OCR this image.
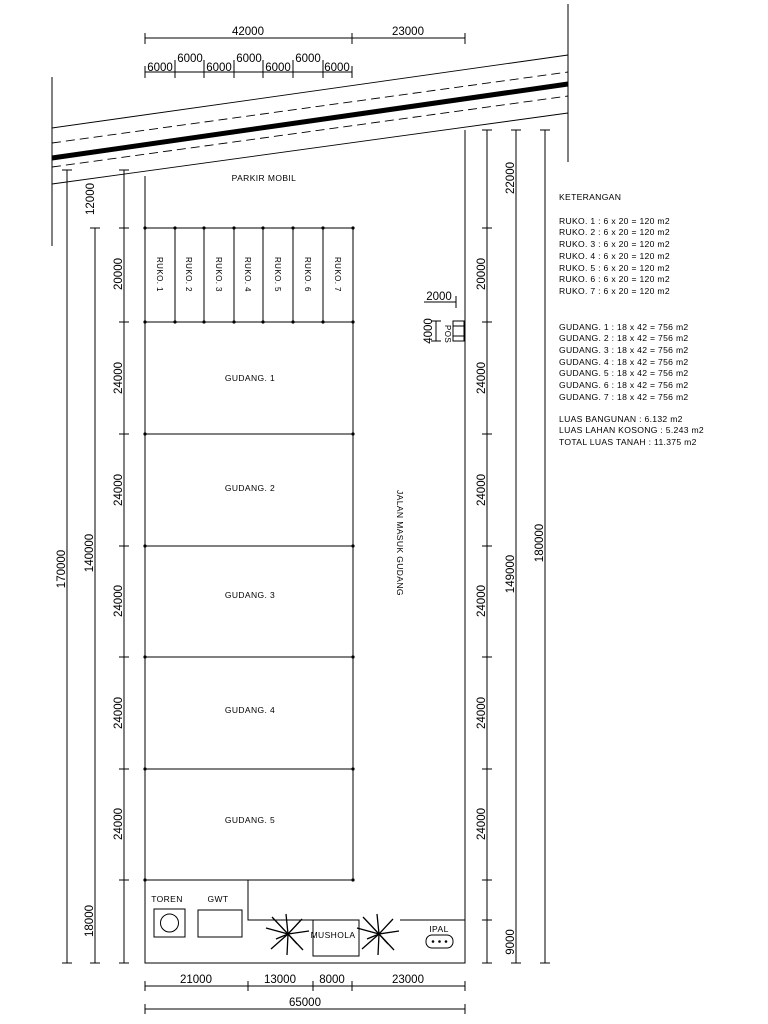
RUKO. 1	RUKO. 2	RUKO. 3	RUKO. 4	RUKO. 5	RUKO. 6	RUKO. 7
GUDANG. 1
GUDANG. 2
GUDANG. 3
GUDANG. 4
GUDANG. 5
PARKIR MOBIL
JALAN MASUK GUDANG
2000
4000 POS
TOREN	GWT
MUSHOLA
IPAL
42000	23000
6000	6000	6000	6000
6000	6000	6000
170000 140000
12000
20000
24000
24000
24000
24000
24000
18000
22000
20000
24000
24000
24000
24000
24000
149000
180000
9000
21000	13000 8000	23000
65000
KETERANGAN
RUKO. 1 : 6 x 20 = 120 m2
RUKO. 2 : 6 x 20 = 120 m2
RUKO. 3 : 6 x 20 = 120 m2
RUKO. 4 : 6 x 20 = 120 m2
RUKO. 5 : 6 x 20 = 120 m2
RUKO. 6 : 6 x 20 = 120 m2
RUKO. 7 : 6 x 20 = 120 m2
GUDANG. 1 : 18 x 42 = 756 m2
GUDANG. 2 : 18 x 42 = 756 m2
GUDANG. 3 : 18 x 42 = 756 m2
GUDANG. 4 : 18 x 42 = 756 m2
GUDANG. 5 : 18 x 42 = 756 m2
GUDANG. 6 : 18 x 42 = 756 m2
GUDANG. 7 : 18 x 42 = 756 m2
LUAS BANGUNAN : 6.132 m2
LUAS LAHAN KOSONG : 5.243 m2
TOTAL LUAS TANAH : 11.375 m2
